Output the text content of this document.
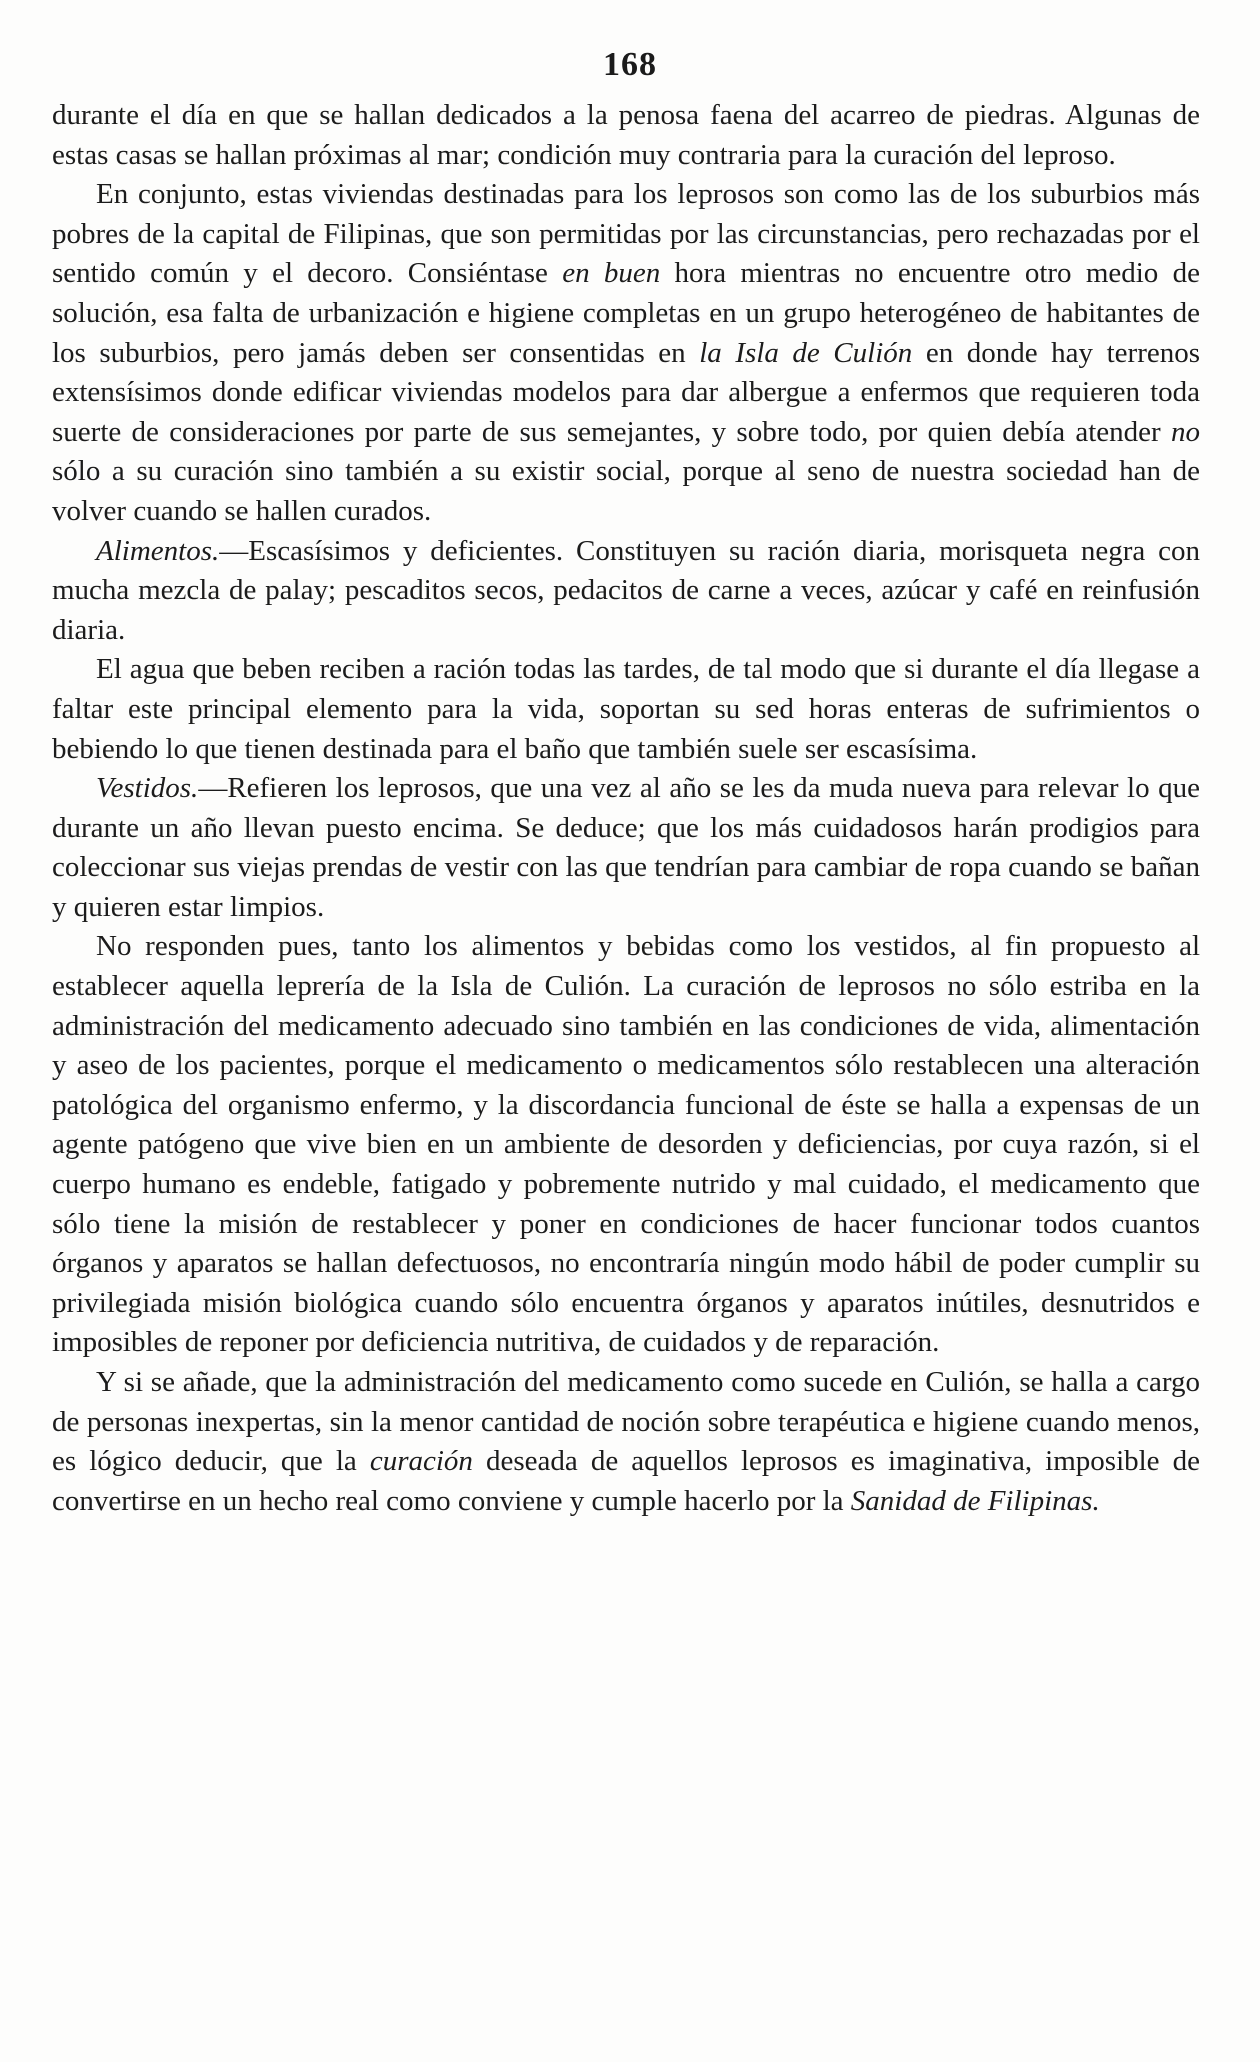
168

durante el día en que se hallan dedicados a la penosa faena del acarreo de piedras. Algunas de estas casas se hallan próximas al mar; condición muy contraria para la curación del leproso.

En conjunto, estas viviendas destinadas para los leprosos son como las de los suburbios más pobres de la capital de Filipinas, que son permitidas por las circunstancias, pero rechazadas por el sentido común y el decoro. Consiéntase en buen hora mientras no encuentre otro medio de solución, esa falta de urbanización e higiene completas en un grupo heterogéneo de habitantes de los suburbios, pero jamás deben ser consentidas en la Isla de Culión en donde hay terrenos extensísimos donde edificar viviendas modelos para dar albergue a enfermos que requieren toda suerte de consideraciones por parte de sus semejantes, y sobre todo, por quien debía atender no sólo a su curación sino también a su existir social, porque al seno de nuestra sociedad han de volver cuando se hallen curados.

Alimentos.—Escasísimos y deficientes. Constituyen su ración diaria, morisqueta negra con mucha mezcla de palay; pescaditos secos, pedacitos de carne a veces, azúcar y café en reinfusión diaria.

El agua que beben reciben a ración todas las tardes, de tal modo que si durante el día llegase a faltar este principal elemento para la vida, soportan su sed horas enteras de sufrimientos o bebiendo lo que tienen destinada para el baño que también suele ser escasísima.

Vestidos.—Refieren los leprosos, que una vez al año se les da muda nueva para relevar lo que durante un año llevan puesto encima. Se deduce; que los más cuidadosos harán prodigios para coleccionar sus viejas prendas de vestir con las que tendrían para cambiar de ropa cuando se bañan y quieren estar limpios.

No responden pues, tanto los alimentos y bebidas como los vestidos, al fin propuesto al establecer aquella leprería de la Isla de Culión. La curación de leprosos no sólo estriba en la administración del medicamento adecuado sino también en las condiciones de vida, alimentación y aseo de los pacientes, porque el medicamento o medicamentos sólo restablecen una alteración patológica del organismo enfermo, y la discordancia funcional de éste se halla a expensas de un agente patógeno que vive bien en un ambiente de desorden y deficiencias, por cuya razón, si el cuerpo humano es endeble, fatigado y pobremente nutrido y mal cuidado, el medicamento que sólo tiene la misión de restablecer y poner en condiciones de hacer funcionar todos cuantos órganos y aparatos se hallan defectuosos, no encontraría ningún modo hábil de poder cumplir su privilegiada misión biológica cuando sólo encuentra órganos y aparatos inútiles, desnutridos e imposibles de reponer por deficiencia nutritiva, de cuidados y de reparación.

Y si se añade, que la administración del medicamento como sucede en Culión, se halla a cargo de personas inexpertas, sin la menor cantidad de noción sobre terapéutica e higiene cuando menos, es lógico deducir, que la curación deseada de aquellos leprosos es imaginativa, imposible de convertirse en un hecho real como conviene y cumple hacerlo por la Sanidad de Filipinas.
